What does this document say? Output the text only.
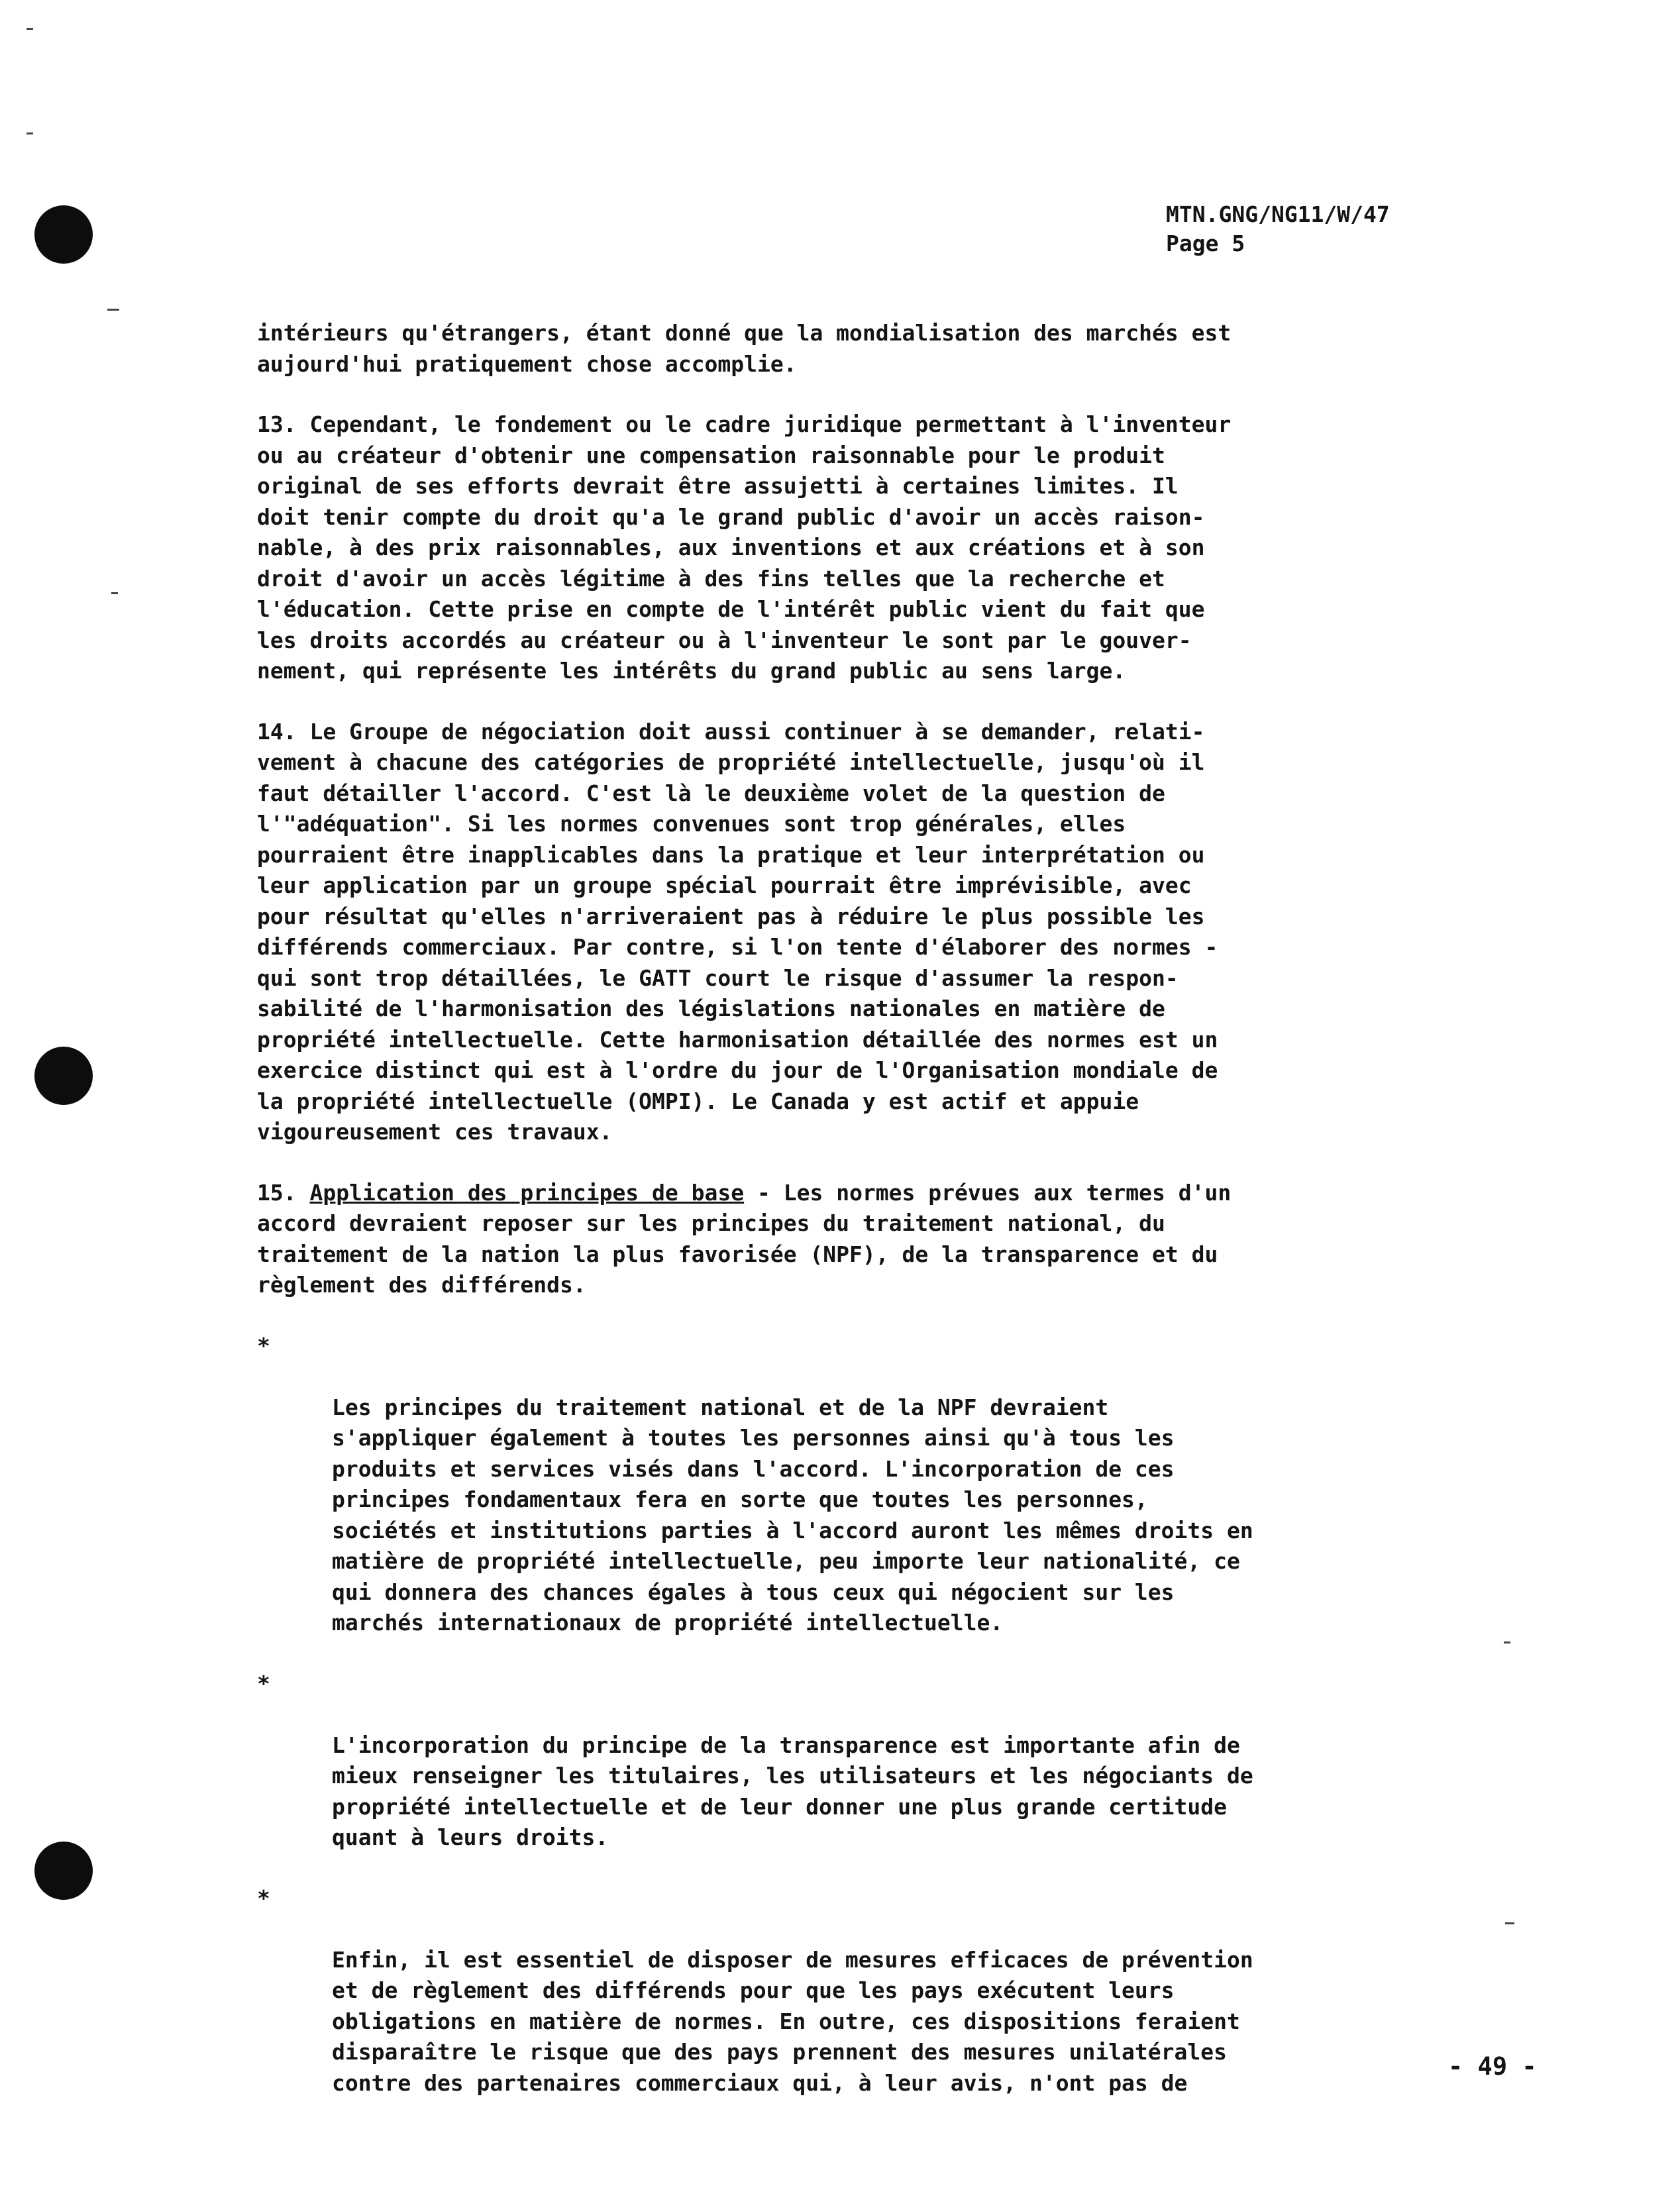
MTN.GNG/NG11/W/47
Page 5

intérieurs qu'étrangers, étant donné que la mondialisation des marchés est
aujourd'hui pratiquement chose accomplie.

13. Cependant, le fondement ou le cadre juridique permettant à l'inventeur
ou au créateur d'obtenir une compensation raisonnable pour le produit
original de ses efforts devrait être assujetti à certaines limites. Il
doit tenir compte du droit qu'a le grand public d'avoir un accès raison-
nable, à des prix raisonnables, aux inventions et aux créations et à son
droit d'avoir un accès légitime à des fins telles que la recherche et
l'éducation. Cette prise en compte de l'intérêt public vient du fait que
les droits accordés au créateur ou à l'inventeur le sont par le gouver-
nement, qui représente les intérêts du grand public au sens large.

14. Le Groupe de négociation doit aussi continuer à se demander, relati-
vement à chacune des catégories de propriété intellectuelle, jusqu'où il
faut détailler l'accord. C'est là le deuxième volet de la question de
l'"adéquation". Si les normes convenues sont trop générales, elles
pourraient être inapplicables dans la pratique et leur interprétation ou
leur application par un groupe spécial pourrait être imprévisible, avec
pour résultat qu'elles n'arriveraient pas à réduire le plus possible les
différends commerciaux. Par contre, si l'on tente d'élaborer des normes -
qui sont trop détaillées, le GATT court le risque d'assumer la respon-
sabilité de l'harmonisation des législations nationales en matière de
propriété intellectuelle. Cette harmonisation détaillée des normes est un
exercice distinct qui est à l'ordre du jour de l'Organisation mondiale de
la propriété intellectuelle (OMPI). Le Canada y est actif et appuie
vigoureusement ces travaux.

15. Application des principes de base - Les normes prévues aux termes d'un
accord devraient reposer sur les principes du traitement national, du
traitement de la nation la plus favorisée (NPF), de la transparence et du
règlement des différends.

*

Les principes du traitement national et de la NPF devraient
s'appliquer également à toutes les personnes ainsi qu'à tous les
produits et services visés dans l'accord. L'incorporation de ces
principes fondamentaux fera en sorte que toutes les personnes,
sociétés et institutions parties à l'accord auront les mêmes droits en
matière de propriété intellectuelle, peu importe leur nationalité, ce
qui donnera des chances égales à tous ceux qui négocient sur les
marchés internationaux de propriété intellectuelle.

*

L'incorporation du principe de la transparence est importante afin de
mieux renseigner les titulaires, les utilisateurs et les négociants de
propriété intellectuelle et de leur donner une plus grande certitude
quant à leurs droits.

*

Enfin, il est essentiel de disposer de mesures efficaces de prévention
et de règlement des différends pour que les pays exécutent leurs
obligations en matière de normes. En outre, ces dispositions feraient
disparaître le risque que des pays prennent des mesures unilatérales
contre des partenaires commerciaux qui, à leur avis, n'ont pas de

- 49 -
